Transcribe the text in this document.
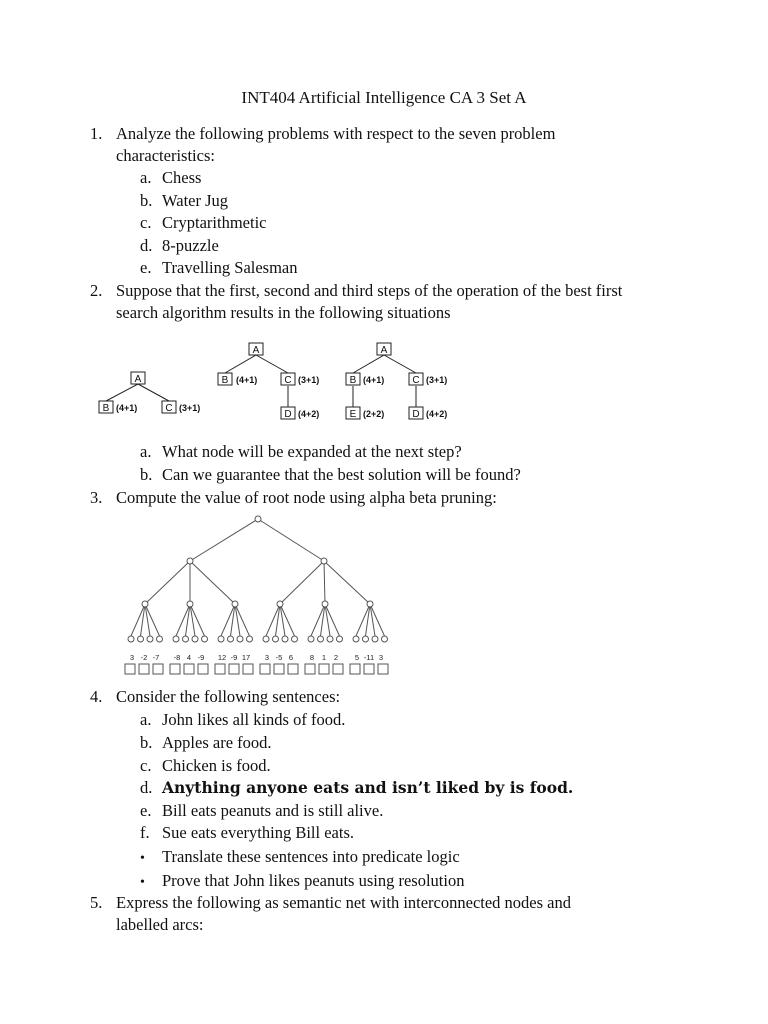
INT404 Artificial Intelligence CA 3 Set A
1. Analyze the following problems with respect to the seven problem
characteristics:
a. Chess
b. Water Jug
c. Cryptarithmetic
d. 8-puzzle
e. Travelling Salesman
2. Suppose that the first, second and third steps of the operation of the best first
search algorithm results in the following situations
A
B	C
A
B	C
D
A
B	C
E	D
(4+1)	(3+1)
(4+1)	(3+1)
(4+2)
(4+1)	(3+1)
(2+2)	(4+2)
a. What node will be expanded at the next step?
b. Can we guarantee that the best solution will be found?
3. Compute the value of root node using alpha beta pruning:
3 -2 -7 -8 4 -9 12 -9 17 3 -5 6 8 1 2 5 -11 3
4. Consider the following sentences:
a. John likes all kinds of food.
b. Apples are food.
c. Chicken is food.
d. Anything anyone eats and isn’t liked by is food.
e. Bill eats peanuts and is still alive.
f. Sue eats everything Bill eats.
• Translate these sentences into predicate logic
• Prove that John likes peanuts using resolution
5. Express the following as semantic net with interconnected nodes and
labelled arcs:
